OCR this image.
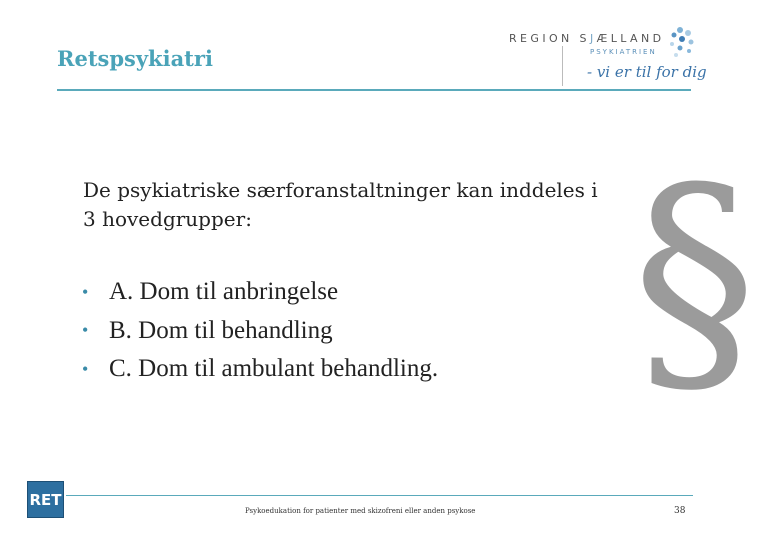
Retspsykiatri
REGION SJÆLLAND
PSYKIATRIEN
- vi er til for dig
§
De psykiatriske særforanstaltninger kan inddeles i 3 hovedgrupper:
• A. Dom til anbringelse
• B. Dom til behandling
• C. Dom til ambulant behandling.
RET
Psykoedukation for patienter med skizofreni eller anden psykose	38
